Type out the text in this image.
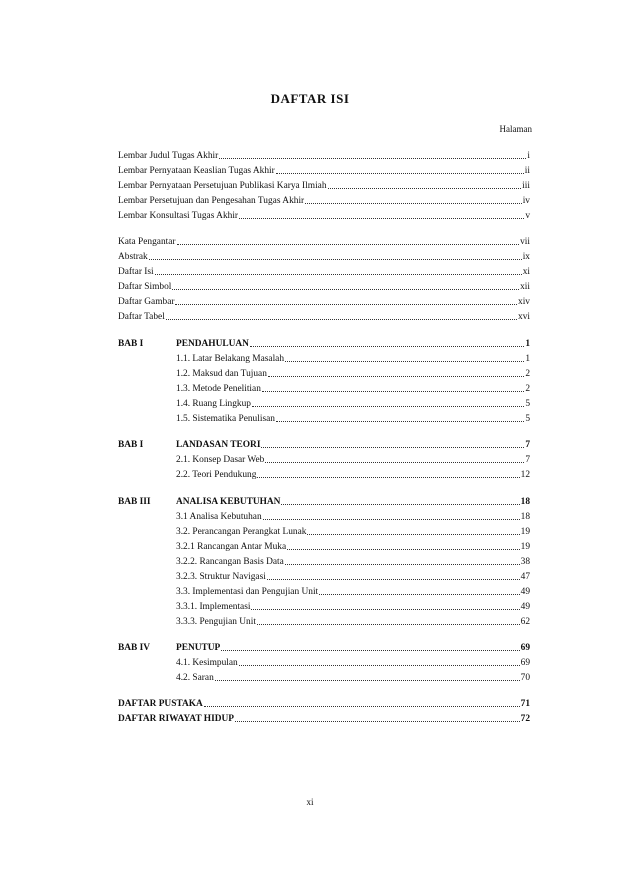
DAFTAR ISI
Halaman
Lembar Judul Tugas Akhir	i
Lembar Pernyataan Keaslian Tugas Akhir	ii
Lembar Pernyataan Persetujuan Publikasi Karya Ilmiah	iii
Lembar Persetujuan dan Pengesahan Tugas Akhir	iv
Lembar Konsultasi Tugas Akhir	v
Kata Pengantar	vii
Abstrak	ix
Daftar Isi	xi
Daftar Simbol	xii
Daftar Gambar	xiv
Daftar Tabel	xvi
BAB I	PENDAHULUAN	1
1.1. Latar Belakang Masalah	1
1.2. Maksud dan Tujuan	2
1.3. Metode Penelitian	2
1.4. Ruang Lingkup	5
1.5. Sistematika Penulisan	5
BAB I	LANDASAN TEORI	7
2.1. Konsep Dasar Web	7
2.2. Teori Pendukung	12
BAB III	ANALISA KEBUTUHAN	18
3.1 Analisa Kebutuhan	18
3.2. Perancangan Perangkat Lunak	19
3.2.1 Rancangan Antar Muka	19
3.2.2. Rancangan Basis Data	38
3.2.3. Struktur Navigasi	47
3.3. Implementasi dan Pengujian Unit	49
3.3.1. Implementasi	49
3.3.3. Pengujian Unit	62
BAB IV	PENUTUP	69
4.1. Kesimpulan	69
4.2. Saran	70
DAFTAR PUSTAKA	71
DAFTAR RIWAYAT HIDUP	72
xi
